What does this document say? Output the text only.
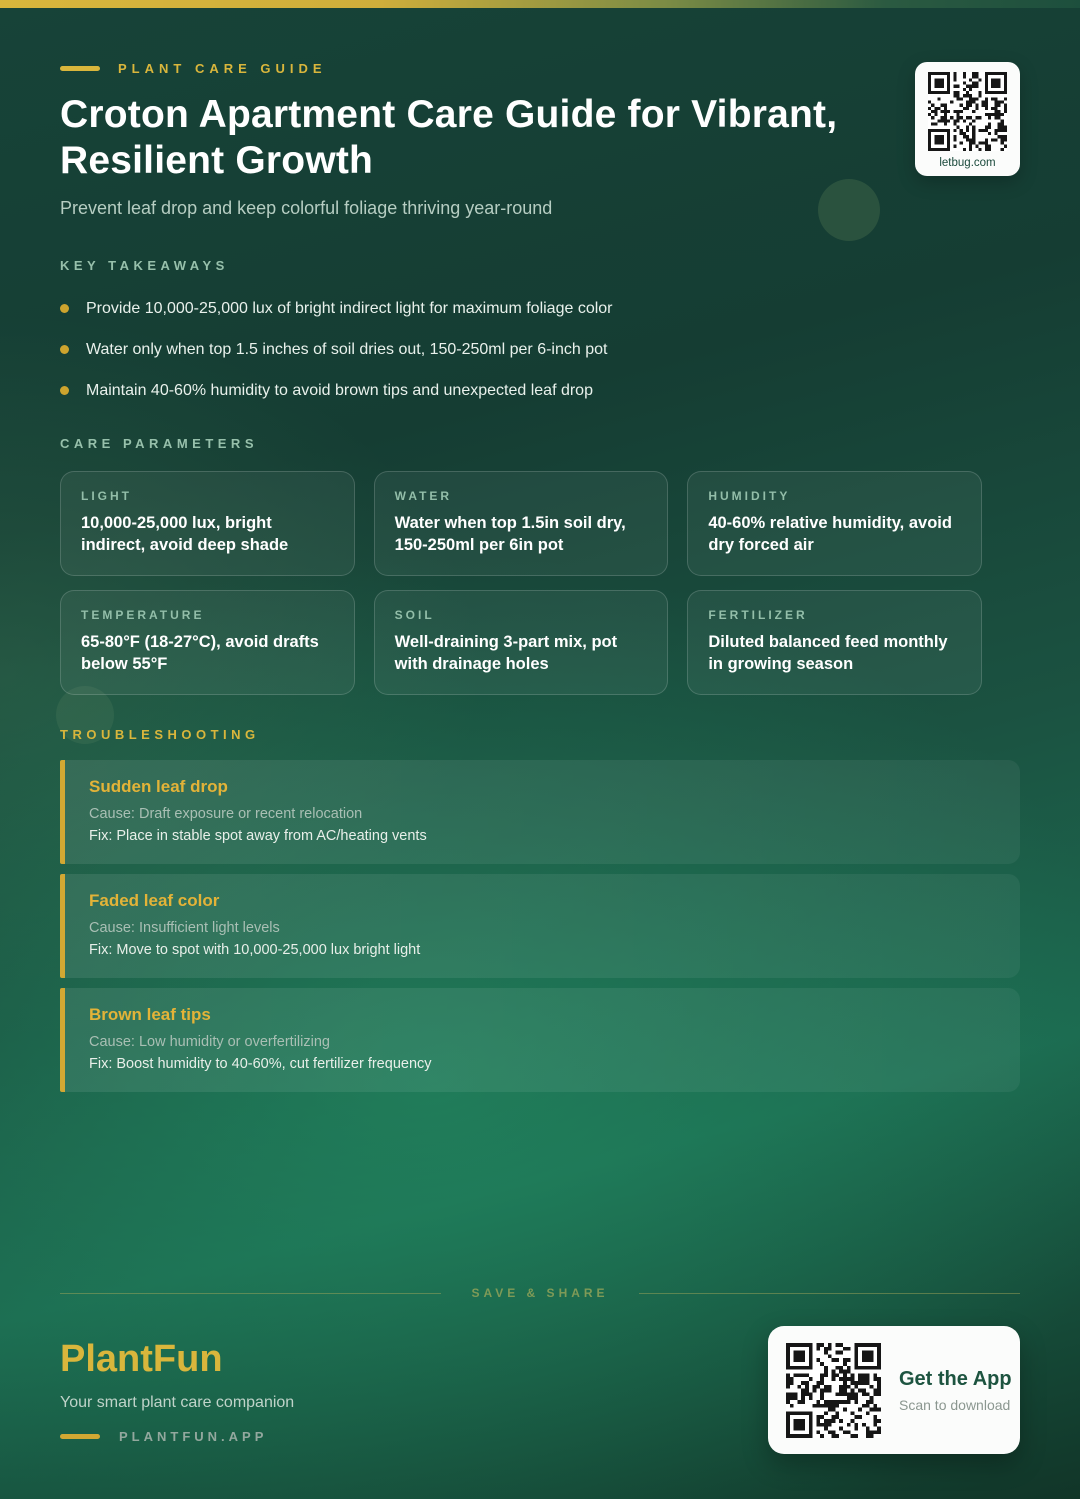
PLANT CARE GUIDE
Croton Apartment Care Guide for Vibrant, Resilient Growth

Prevent leaf drop and keep colorful foliage thriving year-round

letbug.com
KEY TAKEAWAYS
Provide 10,000-25,000 lux of bright indirect light for maximum foliage color
Water only when top 1.5 inches of soil dries out, 150-250ml per 6-inch pot
Maintain 40-60% humidity to avoid brown tips and unexpected leaf drop
CARE PARAMETERS
LIGHT
10,000-25,000 lux, bright indirect, avoid deep shade
WATER
Water when top 1.5in soil dry, 150-250ml per 6in pot
HUMIDITY
40-60% relative humidity, avoid dry forced air
TEMPERATURE
65-80°F (18-27°C), avoid drafts below 55°F
SOIL
Well-draining 3-part mix, pot with drainage holes
FERTILIZER
Diluted balanced feed monthly in growing season
TROUBLESHOOTING
Sudden leaf drop
Cause: Draft exposure or recent relocation
Fix: Place in stable spot away from AC/heating vents
Faded leaf color
Cause: Insufficient light levels
Fix: Move to spot with 10,000-25,000 lux bright light
Brown leaf tips
Cause: Low humidity or overfertilizing
Fix: Boost humidity to 40-60%, cut fertilizer frequency
SAVE & SHARE
PlantFun
Your smart plant care companion
PLANTFUN.APP
Get the App
Scan to download
